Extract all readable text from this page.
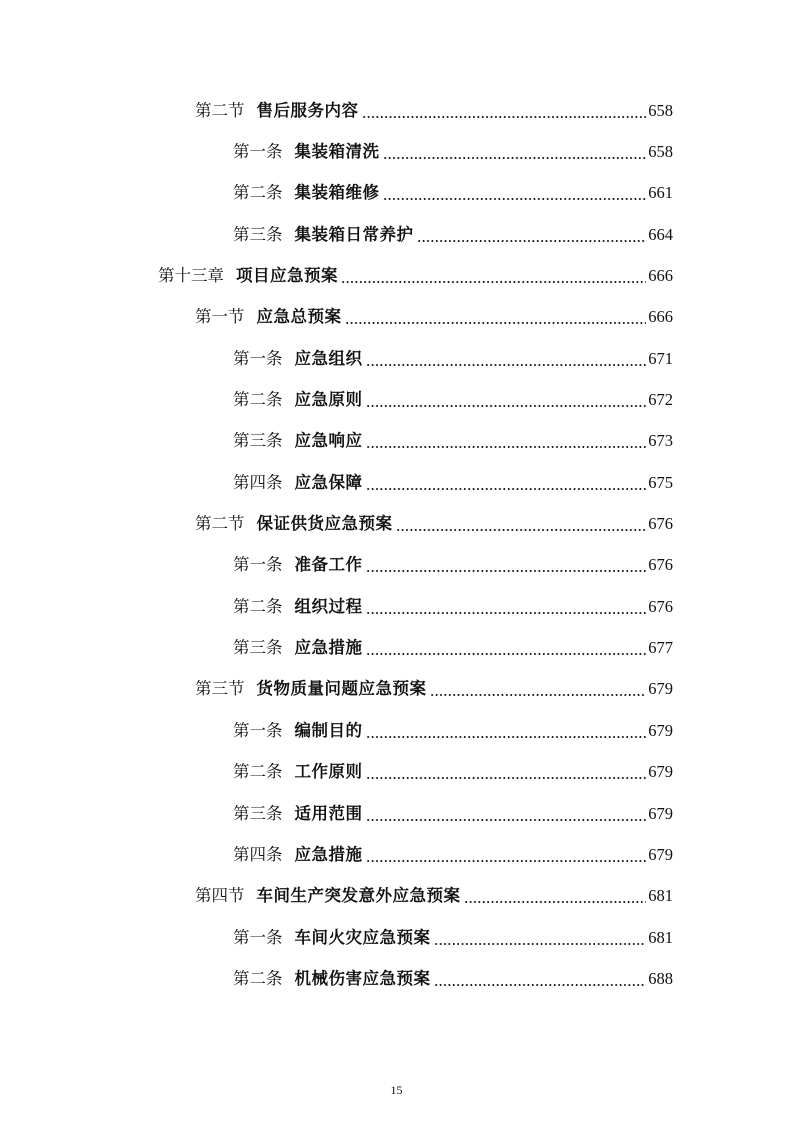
第二节 售后服务内容	658
第一条 集装箱清洗	658
第二条 集装箱维修	661
第三条 集装箱日常养护	664
第十三章 项目应急预案	666
第一节 应急总预案	666
第一条 应急组织	671
第二条 应急原则	672
第三条 应急响应	673
第四条 应急保障	675
第二节 保证供货应急预案	676
第一条 准备工作	676
第二条 组织过程	676
第三条 应急措施	677
第三节 货物质量问题应急预案	679
第一条 编制目的	679
第二条 工作原则	679
第三条 适用范围	679
第四条 应急措施	679
第四节 车间生产突发意外应急预案	681
第一条 车间火灾应急预案	681
第二条 机械伤害应急预案	688
15
